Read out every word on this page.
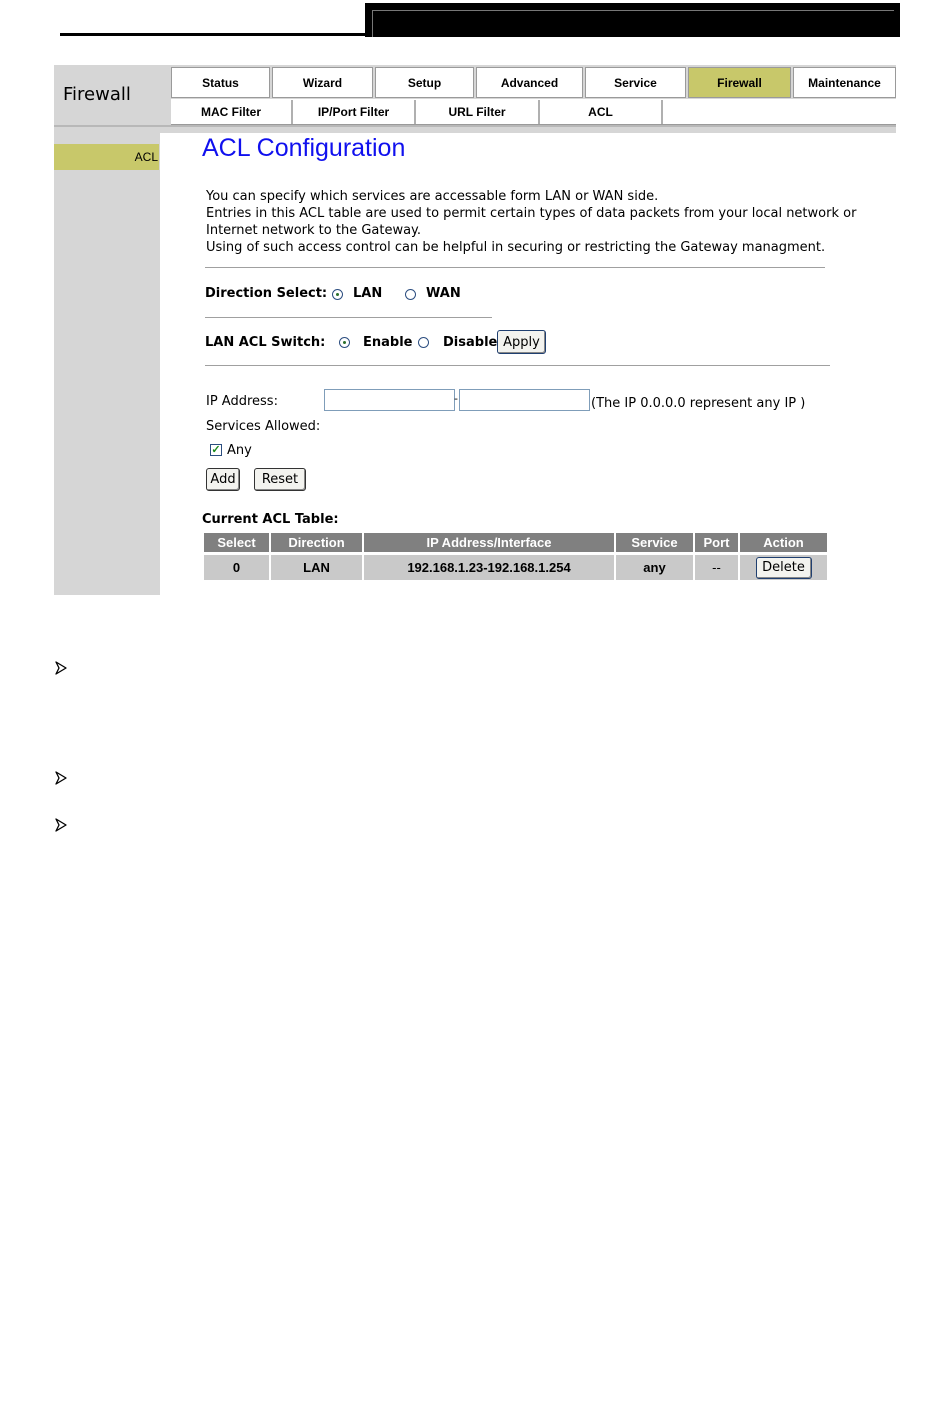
Firewall
Status	Wizard	Setup	Advanced	Service	Firewall	Maintenance
MAC Filter	IP/Port Filter	URL Filter	ACL
ACL ACL Configuration
You can specify which services are accessable form LAN or WAN side.
Entries in this ACL table are used to permit certain types of data packets from your local network or
Internet network to the Gateway.
Using of such access control can be helpful in securing or restricting the Gateway managment.
Direction Select: LAN	WAN
LAN ACL Switch:	Enable Disable Apply
IP Address:	-	(The IP 0.0.0.0 represent any IP )
Services Allowed:
✓ Any
Add	Reset
Current ACL Table:
Select	Direction	IP Address/Interface	Service	Port	Action
0	LAN	192.168.1.23-192.168.1.254	any	--	Delete
